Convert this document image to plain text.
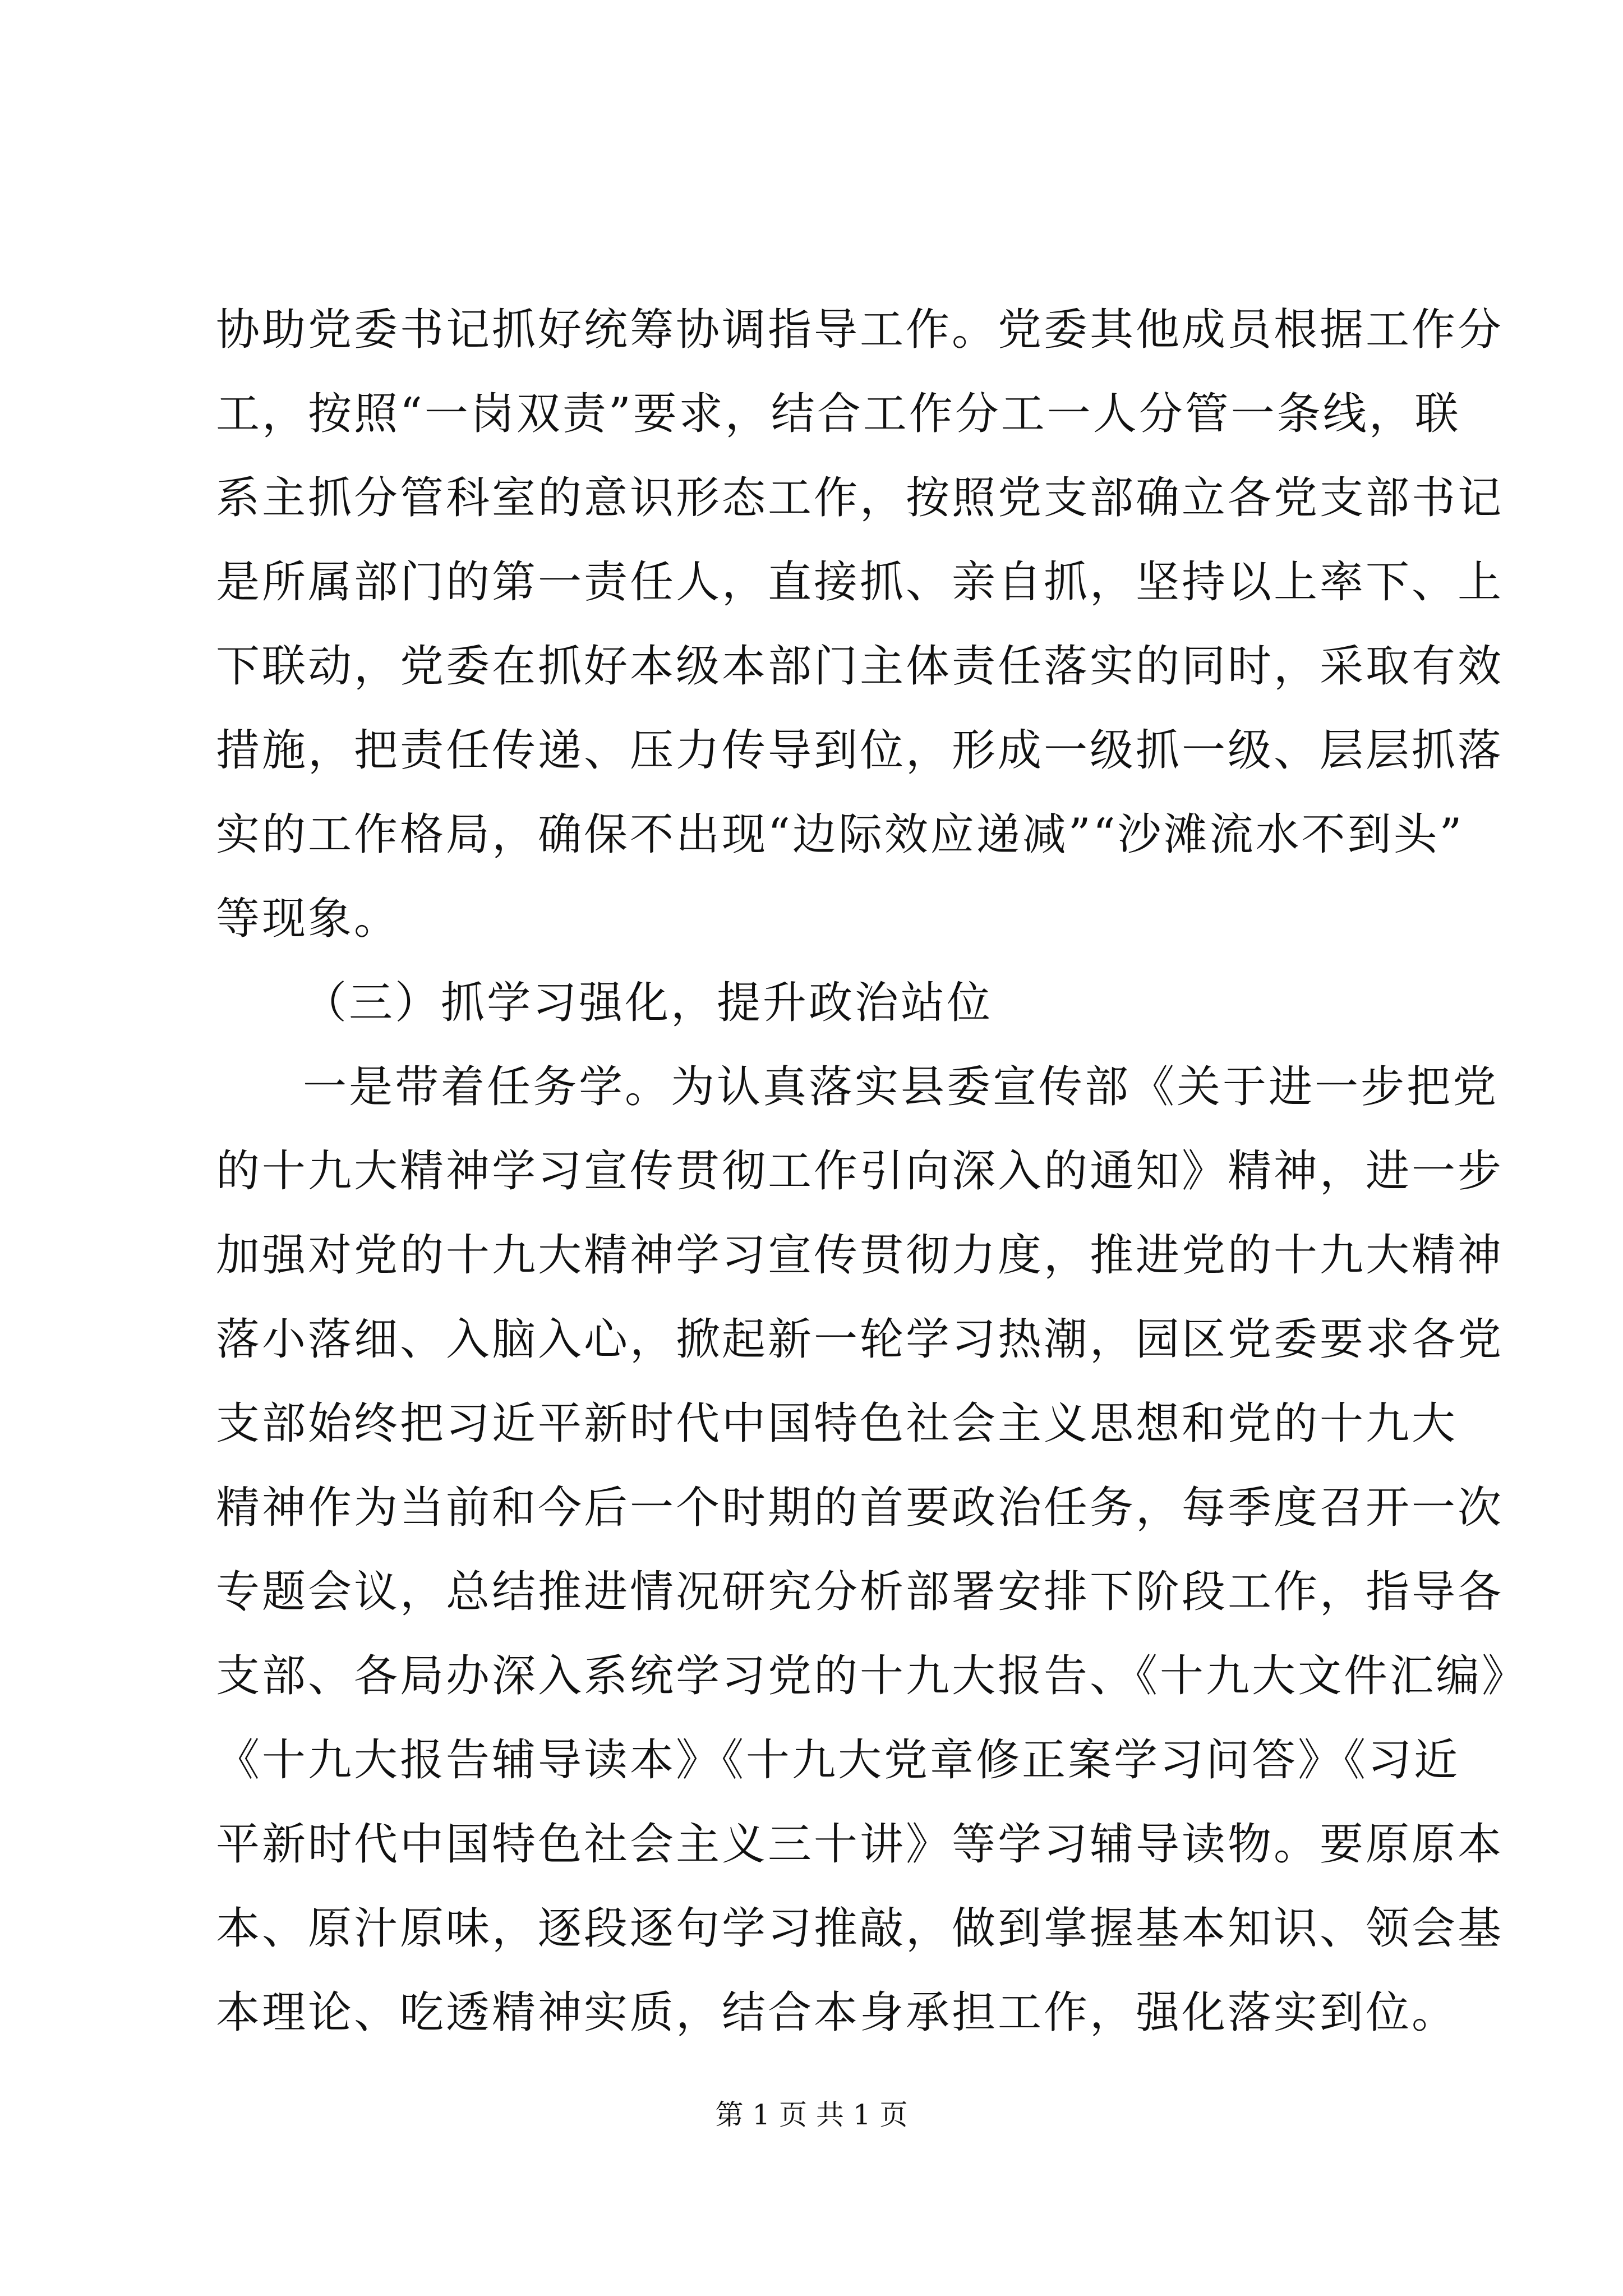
协助党委书记抓好统筹协调指导工作。党委其他成员根据工作分
工，按照“一岗双责”要求，结合工作分工一人分管一条线，联
系主抓分管科室的意识形态工作，按照党支部确立各党支部书记
是所属部门的第一责任人，直接抓、亲自抓，坚持以上率下、上
下联动，党委在抓好本级本部门主体责任落实的同时，采取有效
措施，把责任传递、压力传导到位，形成一级抓一级、层层抓落
实的工作格局，确保不出现“边际效应递减”“沙滩流水不到头”
等现象。
（三）抓学习强化，提升政治站位
一是带着任务学。为认真落实县委宣传部《关于进一步把党
的十九大精神学习宣传贯彻工作引向深入的通知》精神，进一步
加强对党的十九大精神学习宣传贯彻力度，推进党的十九大精神
落小落细、入脑入心，掀起新一轮学习热潮，园区党委要求各党
支部始终把习近平新时代中国特色社会主义思想和党的十九大
精神作为当前和今后一个时期的首要政治任务，每季度召开一次
专题会议，总结推进情况研究分析部署安排下阶段工作，指导各
支部、各局办深入系统学习党的十九大报告、《十九大文件汇编》
《十九大报告辅导读本》《十九大党章修正案学习问答》《习近
平新时代中国特色社会主义三十讲》等学习辅导读物。要原原本
本、原汁原味，逐段逐句学习推敲，做到掌握基本知识、领会基
本理论、吃透精神实质，结合本身承担工作，强化落实到位。
第 1 页 共 1 页
